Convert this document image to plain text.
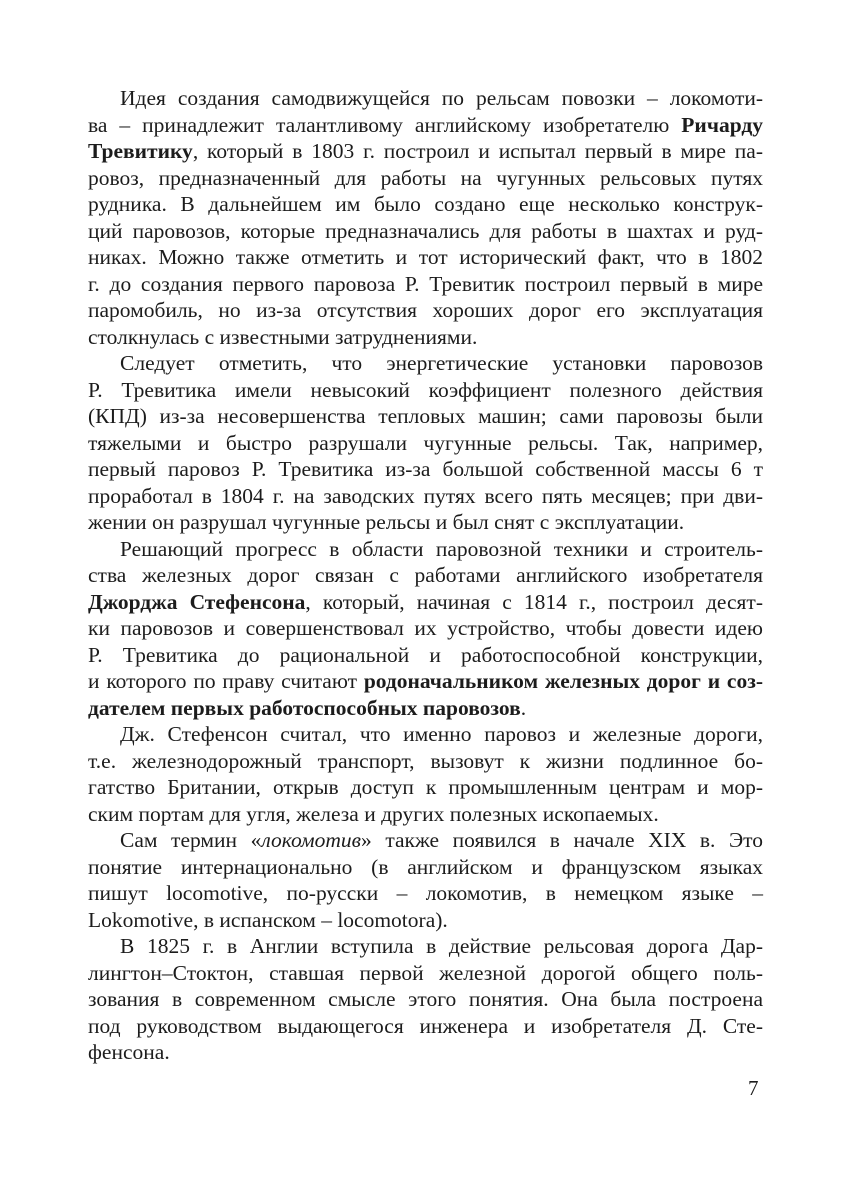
Идея создания самодвижущейся по рельсам повозки – локомоти-
ва – принадлежит талантливому английскому изобретателю Ричарду
Тревитику, который в 1803 г. построил и испытал первый в мире па-
ровоз, предназначенный для работы на чугунных рельсовых путях
рудника. В дальнейшем им было создано еще несколько конструк-
ций паровозов, которые предназначались для работы в шахтах и руд-
никах. Можно также отметить и тот исторический факт, что в 1802
г. до создания первого паровоза Р. Тревитик построил первый в мире
паромобиль, но из-за отсутствия хороших дорог его эксплуатация
столкнулась с известными затруднениями.
Следует отметить, что энергетические установки паровозов
Р. Тревитика имели невысокий коэффициент полезного действия
(КПД) из-за несовершенства тепловых машин; сами паровозы были
тяжелыми и быстро разрушали чугунные рельсы. Так, например,
первый паровоз Р. Тревитика из-за большой собственной массы 6 т
проработал в 1804 г. на заводских путях всего пять месяцев; при дви-
жении он разрушал чугунные рельсы и был снят с эксплуатации.
Решающий прогресс в области паровозной техники и строитель-
ства железных дорог связан с работами английского изобретателя
Джорджа Стефенсона, который, начиная с 1814 г., построил десят-
ки паровозов и совершенствовал их устройство, чтобы довести идею
Р. Тревитика до рациональной и работоспособной конструкции,
и которого по праву считают родоначальником железных дорог и соз-
дателем первых работоспособных паровозов.
Дж. Стефенсон считал, что именно паровоз и железные дороги,
т.е. железнодорожный транспорт, вызовут к жизни подлинное бо-
гатство Британии, открыв доступ к промышленным центрам и мор-
ским портам для угля, железа и других полезных ископаемых.
Сам термин «локомотив» также появился в начале XIX в. Это
понятие интернационально (в английском и французском языках
пишут locomotive, по-русски – локомотив, в немецком языке –
Lokomotive, в испанском – locomotora).
В 1825 г. в Англии вступила в действие рельсовая дорога Дар-
лингтон–Стоктон, ставшая первой железной дорогой общего поль-
зования в современном смысле этого понятия. Она была построена
под руководством выдающегося инженера и изобретателя Д. Сте-
фенсона.
7
